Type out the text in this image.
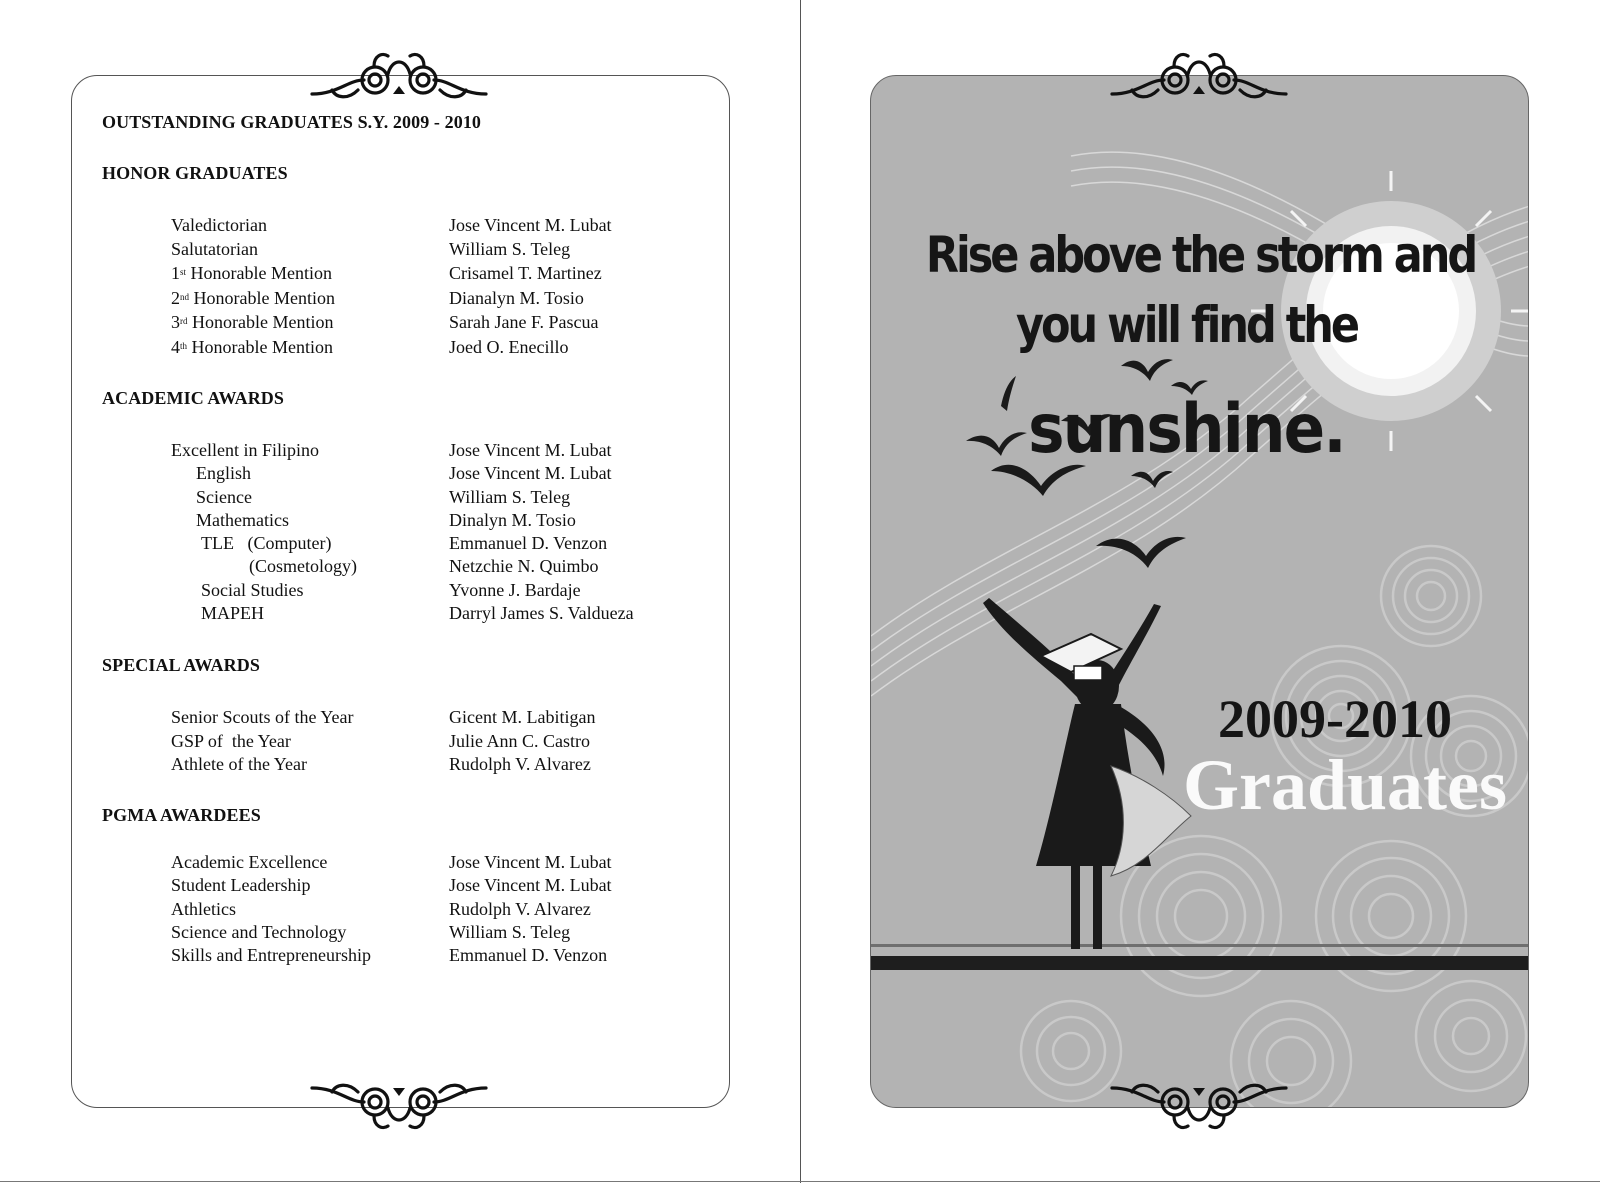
OUTSTANDING GRADUATES S.Y. 2009 - 2010
HONOR GRADUATES
Valedictorian	Jose Vincent M. Lubat
Salutatorian	William S. Teleg
1st Honorable Mention	Crisamel T. Martinez
2nd Honorable Mention	Dianalyn M. Tosio
3rd Honorable Mention	Sarah Jane F. Pascua
4th Honorable Mention	Joed O. Enecillo
ACADEMIC AWARDS
Excellent in Filipino	Jose Vincent M. Lubat
English	Jose Vincent M. Lubat
Science	William S. Teleg
Mathematics	Dinalyn M. Tosio
TLE   (Computer)	Emmanuel D. Venzon
(Cosmetology)	Netzchie N. Quimbo
Social Studies	Yvonne J. Bardaje
MAPEH	Darryl James S. Valdueza
SPECIAL AWARDS
Senior Scouts of the Year	Gicent M. Labitigan
GSP of  the Year	Julie Ann C. Castro
Athlete of the Year	Rudolph V. Alvarez
PGMA AWARDEES
Academic Excellence	Jose Vincent M. Lubat
Student Leadership	Jose Vincent M. Lubat
Athletics	Rudolph V. Alvarez
Science and Technology	William S. Teleg
Skills and Entrepreneurship	Emmanuel D. Venzon
Rise above the storm and
you will find the
sunshine.
2009-2010
Graduates
